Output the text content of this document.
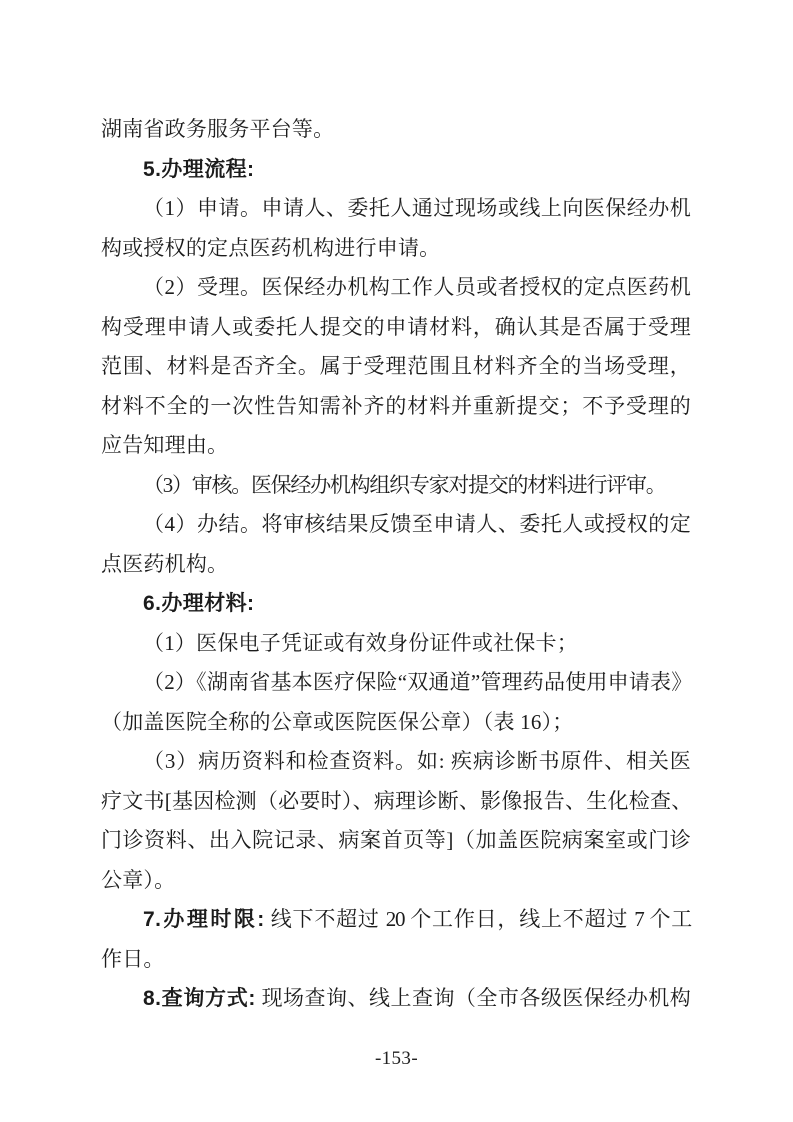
湖南省政务服务平台等。
5.办理流程:
（1）申请。申请人、委托人通过现场或线上向医保经办机
构或授权的定点医药机构进行申请。
（2）受理。医保经办机构工作人员或者授权的定点医药机
构受理申请人或委托人提交的申请材料，确认其是否属于受理
范围、材料是否齐全。属于受理范围且材料齐全的当场受理，
材料不全的一次性告知需补齐的材料并重新提交；不予受理的
应告知理由。
（3）审核。医保经办机构组织专家对提交的材料进行评审。
（4）办结。将审核结果反馈至申请人、委托人或授权的定
点医药机构。
6.办理材料:
（1）医保电子凭证或有效身份证件或社保卡；
（2）《湖南省基本医疗保险“双通道”管理药品使用申请表》
（加盖医院全称的公章或医院医保公章）（表 16）；
（3）病历资料和检查资料。如: 疾病诊断书原件、相关医
疗文书[基因检测（必要时）、病理诊断、影像报告、生化检查、
门诊资料、出入院记录、病案首页等]（加盖医院病案室或门诊
公章）。
7.办理时限: 线下不超过 20 个工作日，线上不超过 7 个工
作日。
8.查询方式: 现场查询、线上查询（全市各级医保经办机构
-153-
